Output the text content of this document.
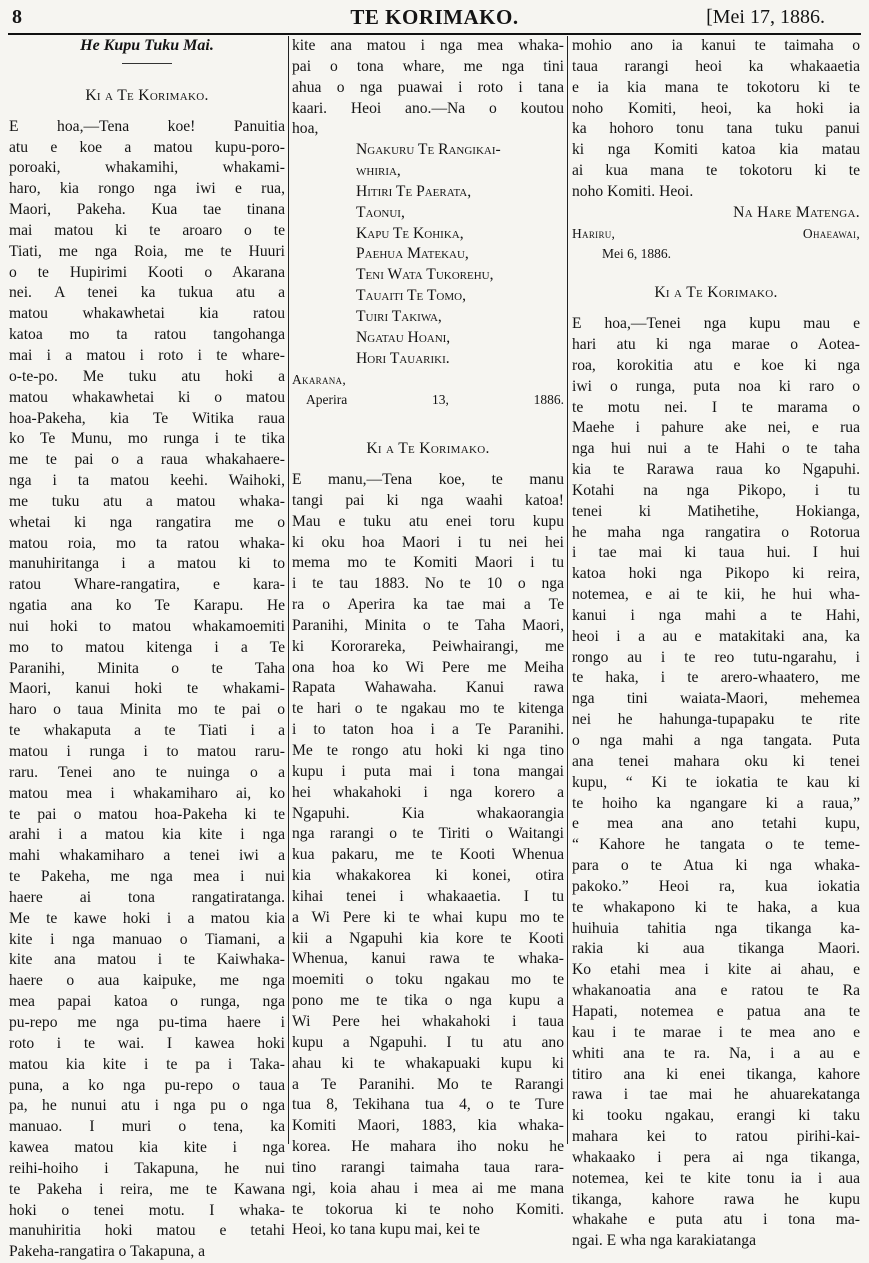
8	TE KORIMAKO.	[Mei 17, 1886.
He Kupu Tuku Mai.
Ki a Te Korimako.
E hoa,—Tena koe! Panuitia
atu e koe a matou kupu-poro-
poroaki, whakamihi, whakami-
haro, kia rongo nga iwi e rua,
Maori, Pakeha. Kua tae tinana
mai matou ki te aroaro o te
Tiati, me nga Roia, me te Huuri
o te Hupirimi Kooti o Akarana
nei. A tenei ka tukua atu a
matou whakawhetai kia ratou
katoa mo ta ratou tangohanga
mai i a matou i roto i te whare-
o-te-po. Me tuku atu hoki a
matou whakawhetai ki o matou
hoa-Pakeha, kia Te Witika raua
ko Te Munu, mo runga i te tika
me te pai o a raua whakahaere-
nga i ta matou keehi. Waihoki,
me tuku atu a matou whaka-
whetai ki nga rangatira me o
matou roia, mo ta ratou whaka-
manuhiritanga i a matou ki to
ratou Whare-rangatira, e kara-
ngatia ana ko Te Karapu. He
nui hoki to matou whakamoemiti
mo to matou kitenga i a Te
Paranihi, Minita o te Taha
Maori, kanui hoki te whakami-
haro o taua Minita mo te pai o
te whakaputa a te Tiati i a
matou i runga i to matou raru-
raru. Tenei ano te nuinga o a
matou mea i whakamiharo ai, ko
te pai o matou hoa-Pakeha ki te
arahi i a matou kia kite i nga
mahi whakamiharo a tenei iwi a
te Pakeha, me nga mea i nui
haere ai tona rangatiratanga.
Me te kawe hoki i a matou kia
kite i nga manuao o Tiamani, a
kite ana matou i te Kaiwhaka-
haere o aua kaipuke, me nga
mea papai katoa o runga, nga
pu-repo me nga pu-tima haere i
roto i te wai. I kawea hoki
matou kia kite i te pa i Taka-
puna, a ko nga pu-repo o taua
pa, he nunui atu i nga pu o nga
manuao. I muri o tena, ka
kawea matou kia kite i nga
reihi-hoiho i Takapuna, he nui
te Pakeha i reira, me te Kawana
hoki o tenei motu. I whaka-
manuhiritia hoki matou e tetahi
Pakeha-rangatira o Takapuna, a
kite ana matou i nga mea whaka-
pai o tona whare, me nga tini
ahua o nga puawai i roto i tana
kaari. Heoi ano.—Na o koutou
hoa,
Ngakuru Te Rangikai-
whiria,
Hitiri Te Paerata,
Taonui,
Kapu Te Kohika,
Paehua Matekau,
Teni Wata Tukorehu,
Tauaiti Te Tomo,
Tuiri Takiwa,
Ngatau Hoani,
Hori Tauariki.
Akarana,
Aperira 13, 1886.
Ki a Te Korimako.
E manu,—Tena koe, te manu
tangi pai ki nga waahi katoa!
Mau e tuku atu enei toru kupu
ki oku hoa Maori i tu nei hei
mema mo te Komiti Maori i tu
i te tau 1883. No te 10 o nga
ra o Aperira ka tae mai a Te
Paranihi, Minita o te Taha Maori,
ki Kororareka, Peiwhairangi, me
ona hoa ko Wi Pere me Meiha
Rapata Wahawaha. Kanui rawa
te hari o te ngakau mo te kitenga
i to taton hoa i a Te Paranihi.
Me te rongo atu hoki ki nga tino
kupu i puta mai i tona mangai
hei whakahoki i nga korero a
Ngapuhi. Kia whakaorangia
nga rarangi o te Tiriti o Waitangi
kua pakaru, me te Kooti Whenua
kia whakakorea ki konei, otira
kihai tenei i whakaaetia. I tu
a Wi Pere ki te whai kupu mo te
kii a Ngapuhi kia kore te Kooti
Whenua, kanui rawa te whaka-
moemiti o toku ngakau mo te
pono me te tika o nga kupu a
Wi Pere hei whakahoki i taua
kupu a Ngapuhi. I tu atu ano
ahau ki te whakapuaki kupu ki
a Te Paranihi. Mo te Rarangi
tua 8, Tekihana tua 4, o te Ture
Komiti Maori, 1883, kia whaka-
korea. He mahara iho noku he
tino rarangi taimaha taua rara-
ngi, koia ahau i mea ai me mana
te tokorua ki te noho Komiti.
Heoi, ko tana kupu mai, kei te
mohio ano ia kanui te taimaha o
taua rarangi heoi ka whakaaetia
e ia kia mana te tokotoru ki te
noho Komiti, heoi, ka hoki ia
ka hohoro tonu tana tuku panui
ki nga Komiti katoa kia matau
ai kua mana te tokotoru ki te
noho Komiti. Heoi.
Na Hare Matenga.
Hariru, Ohaeawai,
Mei 6, 1886.
Ki a Te Korimako.
E hoa,—Tenei nga kupu mau e
hari atu ki nga marae o Aotea-
roa, korokitia atu e koe ki nga
iwi o runga, puta noa ki raro o
te motu nei. I te marama o
Maehe i pahure ake nei, e rua
nga hui nui a te Hahi o te taha
kia te Rarawa raua ko Ngapuhi.
Kotahi na nga Pikopo, i tu
tenei ki Matihetihe, Hokianga,
he maha nga rangatira o Rotorua
i tae mai ki taua hui. I hui
katoa hoki nga Pikopo ki reira,
notemea, e ai te kii, he hui wha-
kanui i nga mahi a te Hahi,
heoi i a au e matakitaki ana, ka
rongo au i te reo tutu-ngarahu, i
te haka, i te arero-whaatero, me
nga tini waiata-Maori, mehemea
nei he hahunga-tupapaku te rite
o nga mahi a nga tangata. Puta
ana tenei mahara oku ki tenei
kupu, “ Ki te iokatia te kau ki
te hoiho ka ngangare ki a raua,”
e mea ana ano tetahi kupu,
“ Kahore he tangata o te teme-
para o te Atua ki nga whaka-
pakoko.” Heoi ra, kua iokatia
te whakapono ki te haka, a kua
huihuia tahitia nga tikanga ka-
rakia ki aua tikanga Maori.
Ko etahi mea i kite ai ahau, e
whakanoatia ana e ratou te Ra
Hapati, notemea e patua ana te
kau i te marae i te mea ano e
whiti ana te ra. Na, i a au e
titiro ana ki enei tikanga, kahore
rawa i tae mai he ahuarekatanga
ki tooku ngakau, erangi ki taku
mahara kei to ratou pirihi-kai-
whakaako i pera ai nga tikanga,
notemea, kei te kite tonu ia i aua
tikanga, kahore rawa he kupu
whakahe e puta atu i tona ma-
ngai. E wha nga karakiatanga
